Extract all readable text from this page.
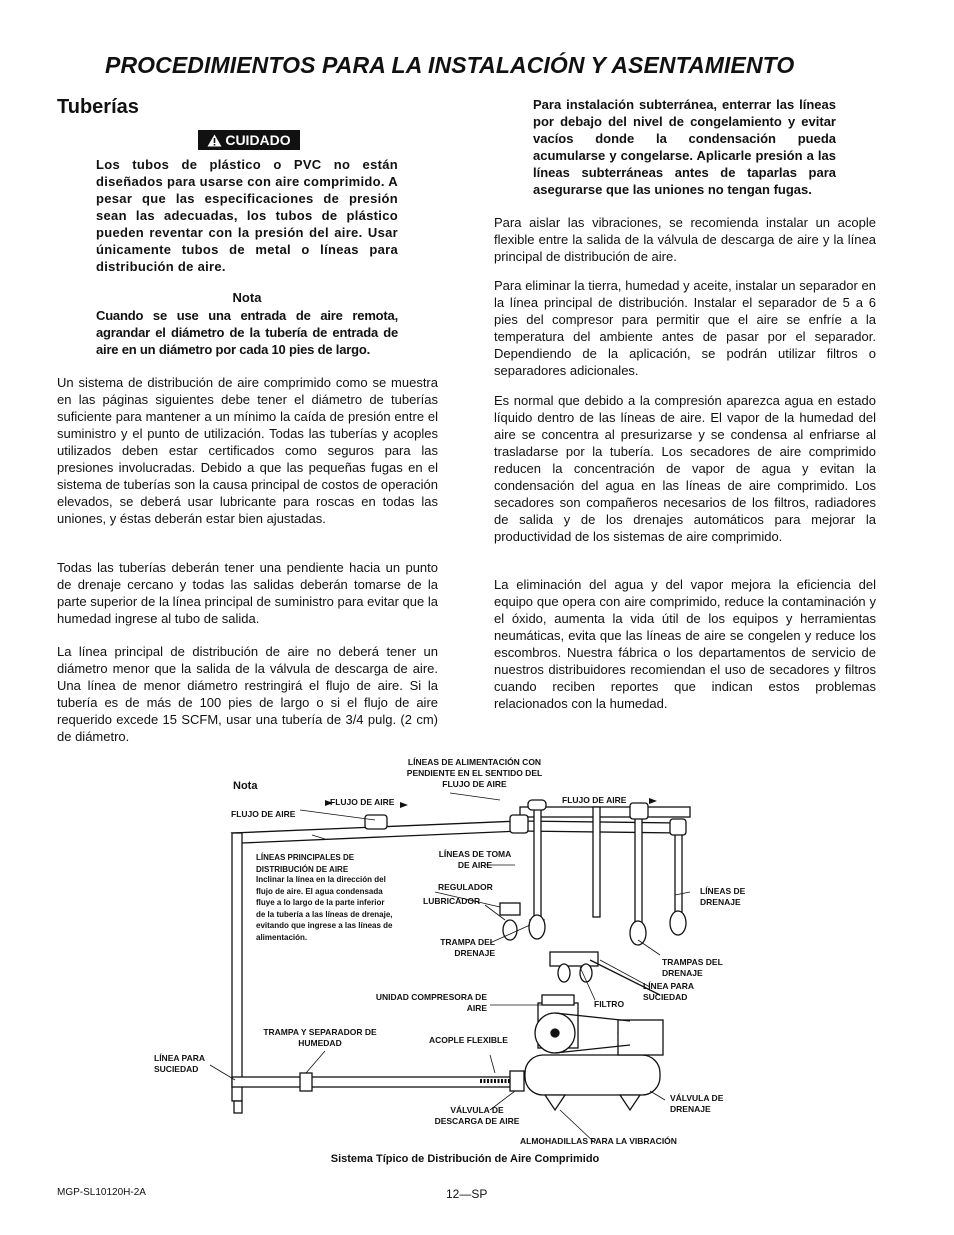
PROCEDIMIENTOS PARA LA INSTALACIÓN Y ASENTAMIENTO
Tuberías
CUIDADO

Los tubos de plástico o PVC no están diseñados para usarse con aire comprimido. A pesar que las especificaciones de presión sean las adecuadas, los tubos de plástico pueden reventar con la presión del aire. Usar únicamente tubos de metal o líneas para distribución de aire.

Nota

Cuando se use una entrada de aire remota, agrandar el diámetro de la tubería de entrada de aire en un diámetro por cada 10 pies de largo.

Un sistema de distribución de aire comprimido como se muestra en las páginas siguientes debe tener el diámetro de tuberías suficiente para mantener a un mínimo la caída de presión entre el suministro y el punto de utilización. Todas las tuberías y acoples utilizados deben estar certificados como seguros para las presiones involucradas. Debido a que las pequeñas fugas en el sistema de tuberías son la causa principal de costos de operación elevados, se deberá usar lubricante para roscas en todas las uniones, y éstas deberán estar bien ajustadas.

Todas las tuberías deberán tener una pendiente hacia un punto de drenaje cercano y todas las salidas deberán tomarse de la parte superior de la línea principal de suministro para evitar que la humedad ingrese al tubo de salida.

La línea principal de distribución de aire no deberá tener un diámetro menor que la salida de la válvula de descarga de aire. Una línea de menor diámetro restringirá el flujo de aire. Si la tubería es de más de 100 pies de largo o si el flujo de aire requerido excede 15 SCFM, usar una tubería de 3/4 pulg. (2 cm) de diámetro.

Para instalación subterránea, enterrar las líneas por debajo del nivel de congelamiento y evitar vacíos donde la condensación pueda acumularse y congelarse. Aplicarle presión a las líneas subterráneas antes de taparlas para asegurarse que las uniones no tengan fugas.

Para aislar las vibraciones, se recomienda instalar un acople flexible entre la salida de la válvula de descarga de aire y la línea principal de distribución de aire.

Para eliminar la tierra, humedad y aceite, instalar un separador en la línea principal de distribución. Instalar el separador de 5 a 6 pies del compresor para permitir que el aire se enfríe a la temperatura del ambiente antes de pasar por el separador. Dependiendo de la aplicación, se podrán utilizar filtros o separadores adicionales.

Es normal que debido a la compresión aparezca agua en estado líquido dentro de las líneas de aire. El vapor de la humedad del aire se concentra al presurizarse y se condensa al enfriarse al trasladarse por la tubería. Los secadores de aire comprimido reducen la concentración de vapor de agua y evitan la condensación del agua en las líneas de aire comprimido. Los secadores son compañeros necesarios de los filtros, radiadores de salida y de los drenajes automáticos para mejorar la productividad de los sistemas de aire comprimido.

La eliminación del agua y del vapor mejora la eficiencia del equipo que opera con aire comprimido, reduce la contaminación y el óxido, aumenta la vida útil de los equipos y herramientas neumáticas, evita que las líneas de aire se congelen y reduce los escombros. Nuestra fábrica o los departamentos de servicio de nuestros distribuidores recomiendan el uso de secadores y filtros cuando reciben reportes que indican estos problemas relacionados con la humedad.

Nota
LÍNEAS DE ALIMENTACIÓN CON PENDIENTE EN EL SENTIDO DEL FLUJO DE AIRE
FLUJO DE AIRE
FLUJO DE AIRE	FLUJO DE AIRE
LÍNEAS PRINCIPALES DE DISTRIBUCIÓN DE AIRE
Inclinar la línea en la dirección del flujo de aire. El agua condensada fluye a lo largo de la parte inferior de la tubería a las líneas de drenaje, evitando que ingrese a las líneas de alimentación.
LÍNEAS DE TOMA DE AIRE
REGULADOR
LUBRICADOR
LÍNEAS DE DRENAJE
TRAMPA DEL DRENAJE
TRAMPAS DEL DRENAJE
LÍNEA PARA SUCIEDAD
FILTRO
UNIDAD COMPRESORA DE AIRE
TRAMPA Y SEPARADOR DE HUMEDAD	ACOPLE FLEXIBLE
LÍNEA PARA SUCIEDAD
VÁLVULA DE DESCARGA DE AIRE
VÁLVULA DE DRENAJE
ALMOHADILLAS PARA LA VIBRACIÓN
Sistema Típico de Distribución de Aire Comprimido
MGP-SL10120H-2A	12—SP
